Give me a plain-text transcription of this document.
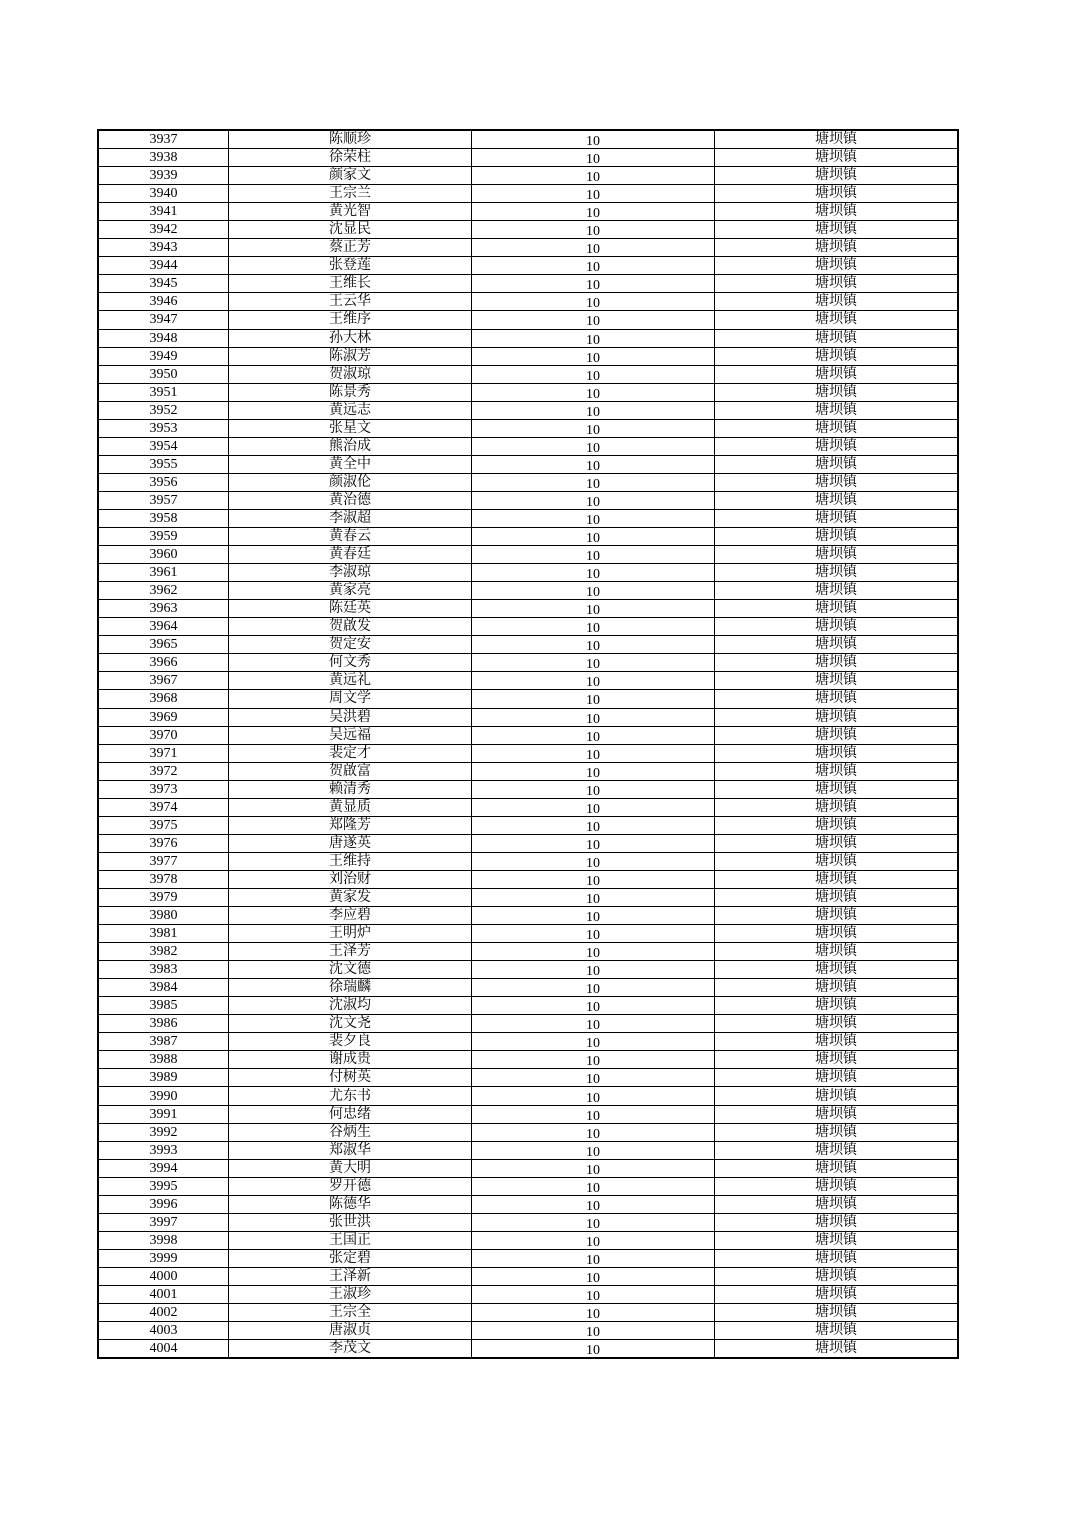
3937	陈顺珍	10	塘坝镇
3938	徐荣柱	10	塘坝镇
3939	颜家文	10	塘坝镇
3940	王宗兰	10	塘坝镇
3941	黄光智	10	塘坝镇
3942	沈显民	10	塘坝镇
3943	蔡正芳	10	塘坝镇
3944	张登莲	10	塘坝镇
3945	王维长	10	塘坝镇
3946	王云华	10	塘坝镇
3947	王维序	10	塘坝镇
3948	孙大林	10	塘坝镇
3949	陈淑芳	10	塘坝镇
3950	贺淑琼	10	塘坝镇
3951	陈景秀	10	塘坝镇
3952	黄远志	10	塘坝镇
3953	张星文	10	塘坝镇
3954	熊治成	10	塘坝镇
3955	黄全中	10	塘坝镇
3956	颜淑伦	10	塘坝镇
3957	黄治德	10	塘坝镇
3958	李淑超	10	塘坝镇
3959	黄春云	10	塘坝镇
3960	黄春廷	10	塘坝镇
3961	李淑琼	10	塘坝镇
3962	黄家亮	10	塘坝镇
3963	陈廷英	10	塘坝镇
3964	贺啟发	10	塘坝镇
3965	贺定安	10	塘坝镇
3966	何文秀	10	塘坝镇
3967	黄远礼	10	塘坝镇
3968	周文学	10	塘坝镇
3969	吴洪碧	10	塘坝镇
3970	吴远福	10	塘坝镇
3971	裴定才	10	塘坝镇
3972	贺啟富	10	塘坝镇
3973	赖清秀	10	塘坝镇
3974	黄显质	10	塘坝镇
3975	郑隆芳	10	塘坝镇
3976	唐遂英	10	塘坝镇
3977	王维持	10	塘坝镇
3978	刘治财	10	塘坝镇
3979	黄家发	10	塘坝镇
3980	李应碧	10	塘坝镇
3981	王明炉	10	塘坝镇
3982	王泽芳	10	塘坝镇
3983	沈文德	10	塘坝镇
3984	徐瑞麟	10	塘坝镇
3985	沈淑均	10	塘坝镇
3986	沈文尧	10	塘坝镇
3987	裴夕良	10	塘坝镇
3988	谢成贵	10	塘坝镇
3989	付树英	10	塘坝镇
3990	尤东书	10	塘坝镇
3991	何忠绪	10	塘坝镇
3992	谷炳生	10	塘坝镇
3993	郑淑华	10	塘坝镇
3994	黄大明	10	塘坝镇
3995	罗开德	10	塘坝镇
3996	陈德华	10	塘坝镇
3997	张世洪	10	塘坝镇
3998	王国正	10	塘坝镇
3999	张定碧	10	塘坝镇
4000	王泽新	10	塘坝镇
4001	王淑珍	10	塘坝镇
4002	王宗全	10	塘坝镇
4003	唐淑贞	10	塘坝镇
4004	李茂文	10	塘坝镇
